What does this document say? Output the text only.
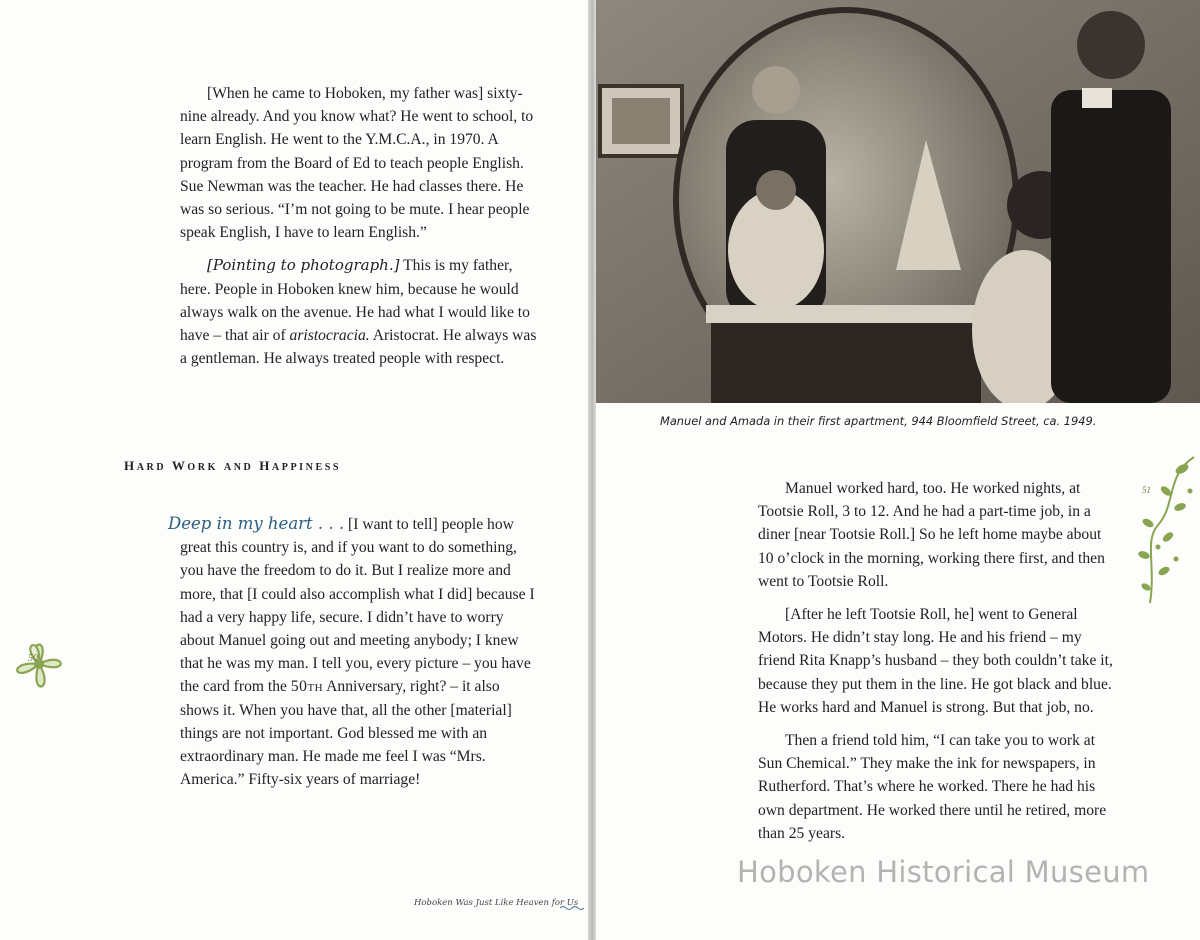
[When he came to Hoboken, my father was] sixty-nine already. And you know what? He went to school, to learn English. He went to the Y.M.C.A., in 1970. A program from the Board of Ed to teach people English. Sue Newman was the teacher. He had classes there. He was so serious. “I’m not going to be mute. I hear people speak English, I have to learn English.”

[Pointing to photograph.] This is my father, here. People in Hoboken knew him, because he would always walk on the avenue. He had what I would like to have – that air of aristocracia. Aristocrat. He always was a gentleman. He always treated people with respect.

HARD WORK AND HAPPINESS

Deep in my heart . . . [I want to tell] people how great this country is, and if you want to do something, you have the freedom to do it. But I realize more and more, that [I could also accomplish what I did] because I had a very happy life, secure. I didn’t have to worry about Manuel going out and meeting anybody; I knew that he was my man. I tell you, every picture – you have the card from the 50th Anniversary, right? – it also shows it. When you have that, all the other [material] things are not important. God blessed me with an extraordinary man. He made me feel I was “Mrs. America.” Fifty-six years of marriage!

50
Hoboken Was Just Like Heaven for Us
Manuel and Amada in their first apartment, 944 Bloomfield Street, ca. 1949.
51

Manuel worked hard, too. He worked nights, at Tootsie Roll, 3 to 12. And he had a part-time job, in a diner [near Tootsie Roll.] So he left home maybe about 10 o’clock in the morning, working there first, and then went to Tootsie Roll.

[After he left Tootsie Roll, he] went to General Motors. He didn’t stay long. He and his friend – my friend Rita Knapp’s husband – they both couldn’t take it, because they put them in the line. He got black and blue. He works hard and Manuel is strong. But that job, no.

Then a friend told him, “I can take you to work at Sun Chemical.” They make the ink for newspapers, in Rutherford. That’s where he worked. There he had his own department. He worked there until he retired, more than 25 years.

Hoboken Historical Museum
